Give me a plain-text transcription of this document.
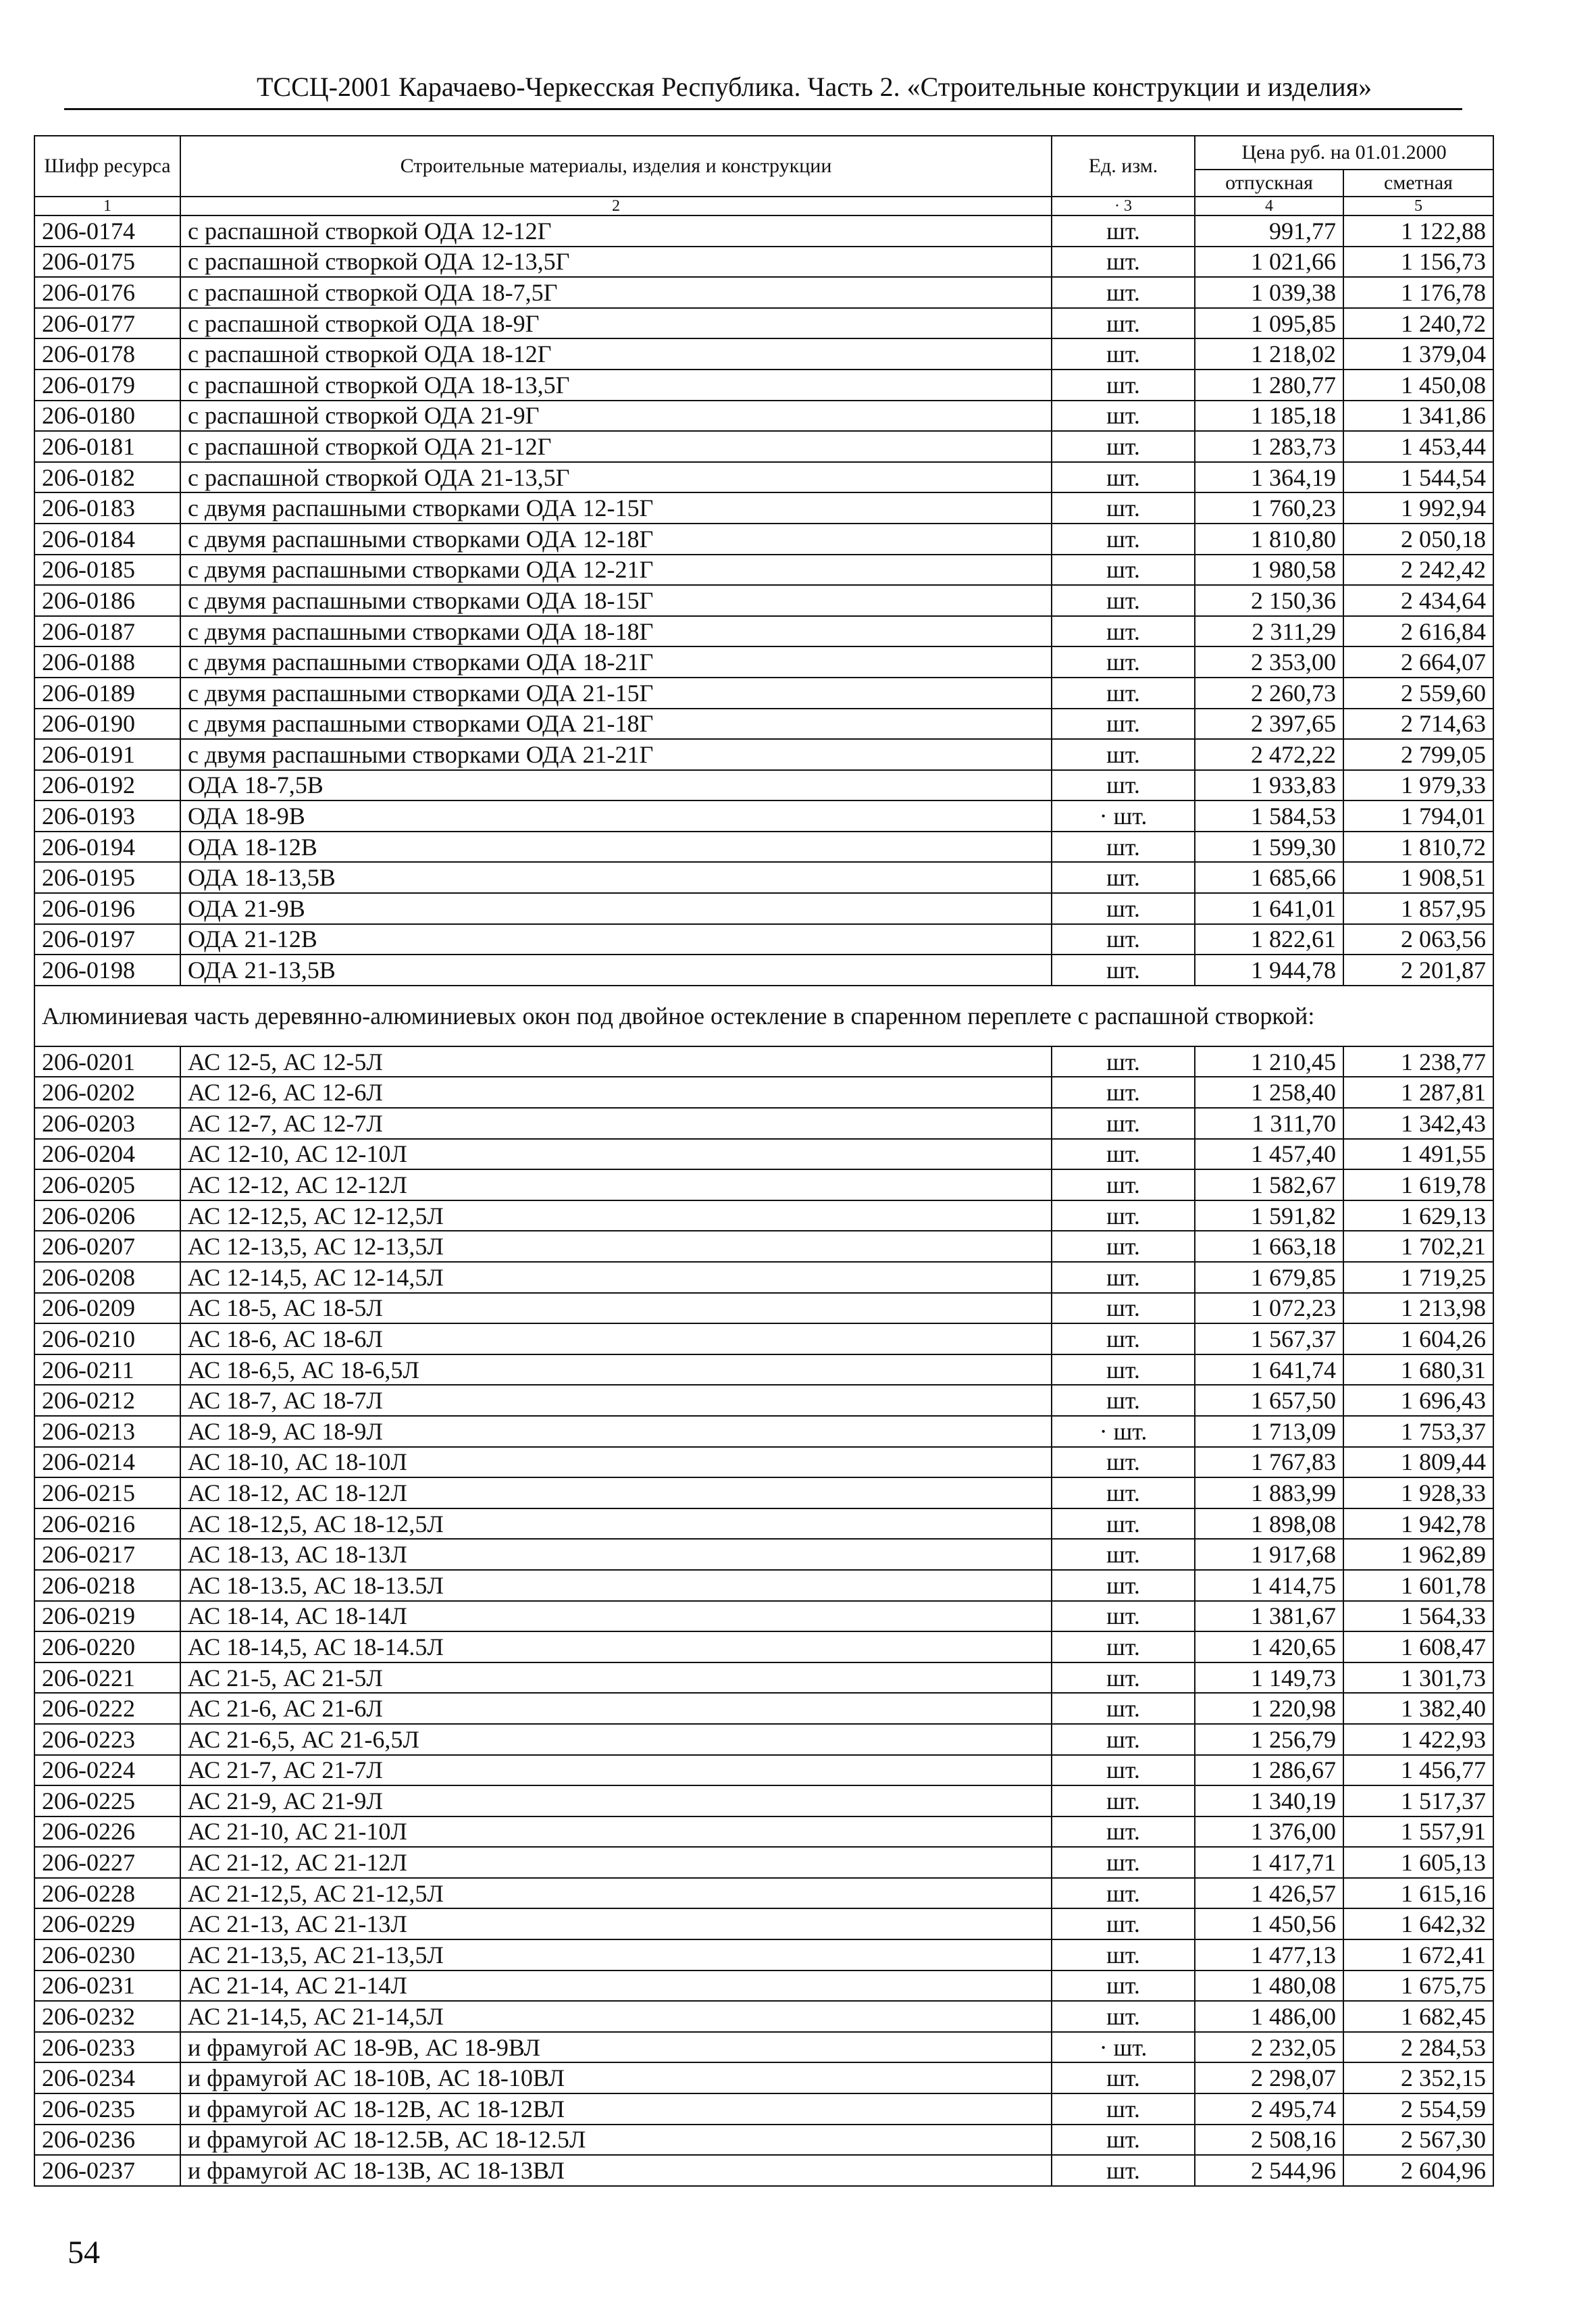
ТССЦ-2001 Карачаево-Черкесская Республика. Часть 2. «Строительные конструкции и изделия»
Шифр ресурса	Строительные материалы, изделия и конструкции	Ед. изм.	Цена руб. на 01.01.2000	
			отпускная	сметная
1	2	· 3	4	5
206-0174	с распашной створкой ОДА 12-12Г	шт.	991,77	1 122,88
206-0175	с распашной створкой ОДА 12-13,5Г	шт.	1 021,66	1 156,73
206-0176	с распашной створкой ОДА 18-7,5Г	шт.	1 039,38	1 176,78
206-0177	с распашной створкой ОДА 18-9Г	шт.	1 095,85	1 240,72
206-0178	с распашной створкой ОДА 18-12Г	шт.	1 218,02	1 379,04
206-0179	с распашной створкой ОДА 18-13,5Г	шт.	1 280,77	1 450,08
206-0180	с распашной створкой ОДА 21-9Г	шт.	1 185,18	1 341,86
206-0181	с распашной створкой ОДА 21-12Г	шт.	1 283,73	1 453,44
206-0182	с распашной створкой ОДА 21-13,5Г	шт.	1 364,19	1 544,54
206-0183	с двумя распашными створками ОДА 12-15Г	шт.	1 760,23	1 992,94
206-0184	с двумя распашными створками ОДА 12-18Г	шт.	1 810,80	2 050,18
206-0185	с двумя распашными створками ОДА 12-21Г	шт.	1 980,58	2 242,42
206-0186	с двумя распашными створками ОДА 18-15Г	шт.	2 150,36	2 434,64
206-0187	с двумя распашными створками ОДА 18-18Г	шт.	2 311,29	2 616,84
206-0188	с двумя распашными створками ОДА 18-21Г	шт.	2 353,00	2 664,07
206-0189	с двумя распашными створками ОДА 21-15Г	шт.	2 260,73	2 559,60
206-0190	с двумя распашными створками ОДА 21-18Г	шт.	2 397,65	2 714,63
206-0191	с двумя распашными створками ОДА 21-21Г	шт.	2 472,22	2 799,05
206-0192	ОДА 18-7,5В	шт.	1 933,83	1 979,33
206-0193	ОДА 18-9В	· шт.	1 584,53	1 794,01
206-0194	ОДА 18-12В	шт.	1 599,30	1 810,72
206-0195	ОДА 18-13,5В	шт.	1 685,66	1 908,51
206-0196	ОДА 21-9В	шт.	1 641,01	1 857,95
206-0197	ОДА 21-12В	шт.	1 822,61	2 063,56
206-0198	ОДА 21-13,5В	шт.	1 944,78	2 201,87
Алюминиевая часть деревянно-алюминиевых окон под двойное остекление в спаренном переплете с распашной створкой:				
206-0201	АС 12-5, АС 12-5Л	шт.	1 210,45	1 238,77
206-0202	АС 12-6, АС 12-6Л	шт.	1 258,40	1 287,81
206-0203	АС 12-7, АС 12-7Л	шт.	1 311,70	1 342,43
206-0204	АС 12-10, АС 12-10Л	шт.	1 457,40	1 491,55
206-0205	АС 12-12, АС 12-12Л	шт.	1 582,67	1 619,78
206-0206	АС 12-12,5, АС 12-12,5Л	шт.	1 591,82	1 629,13
206-0207	АС 12-13,5, АС 12-13,5Л	шт.	1 663,18	1 702,21
206-0208	АС 12-14,5, АС 12-14,5Л	шт.	1 679,85	1 719,25
206-0209	АС 18-5, АС 18-5Л	шт.	1 072,23	1 213,98
206-0210	АС 18-6, АС 18-6Л	шт.	1 567,37	1 604,26
206-0211	АС 18-6,5, АС 18-6,5Л	шт.	1 641,74	1 680,31
206-0212	АС 18-7, АС 18-7Л	шт.	1 657,50	1 696,43
206-0213	АС 18-9, АС 18-9Л	· шт.	1 713,09	1 753,37
206-0214	АС 18-10, АС 18-10Л	шт.	1 767,83	1 809,44
206-0215	АС 18-12, АС 18-12Л	шт.	1 883,99	1 928,33
206-0216	АС 18-12,5, АС 18-12,5Л	шт.	1 898,08	1 942,78
206-0217	АС 18-13, АС 18-13Л	шт.	1 917,68	1 962,89
206-0218	АС 18-13.5, АС 18-13.5Л	шт.	1 414,75	1 601,78
206-0219	АС 18-14, АС 18-14Л	шт.	1 381,67	1 564,33
206-0220	АС 18-14,5, АС 18-14.5Л	шт.	1 420,65	1 608,47
206-0221	АС 21-5, АС 21-5Л	шт.	1 149,73	1 301,73
206-0222	АС 21-6, АС 21-6Л	шт.	1 220,98	1 382,40
206-0223	АС 21-6,5, АС 21-6,5Л	шт.	1 256,79	1 422,93
206-0224	АС 21-7, АС 21-7Л	шт.	1 286,67	1 456,77
206-0225	АС 21-9, АС 21-9Л	шт.	1 340,19	1 517,37
206-0226	АС 21-10, АС 21-10Л	шт.	1 376,00	1 557,91
206-0227	АС 21-12, АС 21-12Л	шт.	1 417,71	1 605,13
206-0228	АС 21-12,5, АС 21-12,5Л	шт.	1 426,57	1 615,16
206-0229	АС 21-13, АС 21-13Л	шт.	1 450,56	1 642,32
206-0230	АС 21-13,5, АС 21-13,5Л	шт.	1 477,13	1 672,41
206-0231	АС 21-14, АС 21-14Л	шт.	1 480,08	1 675,75
206-0232	АС 21-14,5, АС 21-14,5Л	шт.	1 486,00	1 682,45
206-0233	и фрамугой АС 18-9В, АС 18-9ВЛ	· шт.	2 232,05	2 284,53
206-0234	и фрамугой АС 18-10В, АС 18-10ВЛ	шт.	2 298,07	2 352,15
206-0235	и фрамугой АС 18-12В, АС 18-12ВЛ	шт.	2 495,74	2 554,59
206-0236	и фрамугой АС 18-12.5В, АС 18-12.5Л	шт.	2 508,16	2 567,30
206-0237	и фрамугой АС 18-13В, АС 18-13ВЛ	шт.	2 544,96	2 604,96
54
